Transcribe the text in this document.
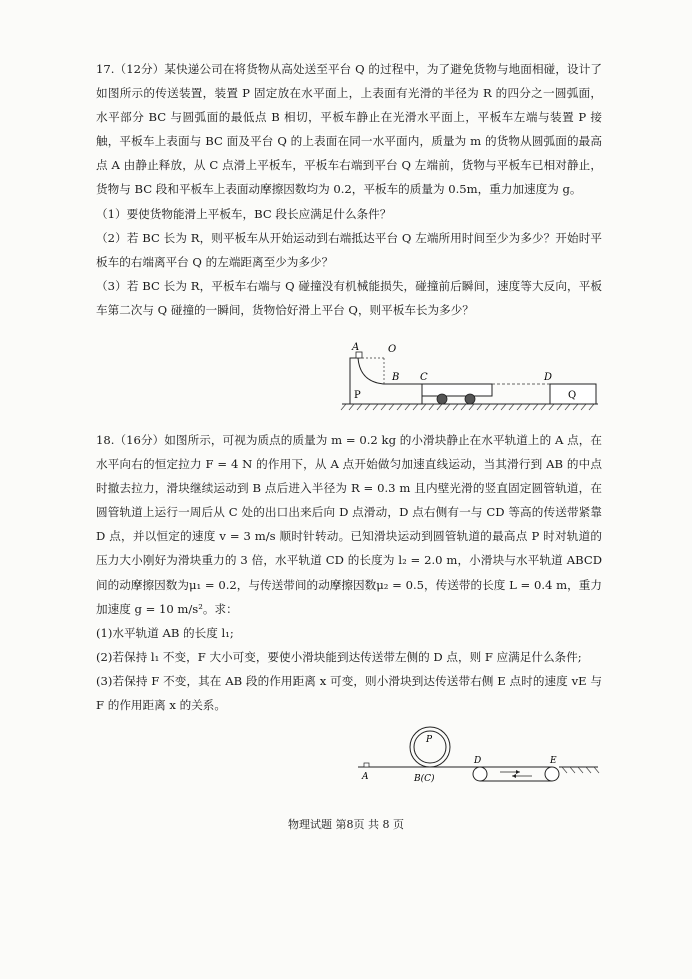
17.（12分）某快递公司在将货物从高处送至平台 Q 的过程中，为了避免货物与地面相碰，设计了如图所示的传送装置，装置 P 固定放在水平面上，上表面有光滑的半径为 R 的四分之一圆弧面，水平部分 BC 与圆弧面的最低点 B 相切，平板车静止在光滑水平面上，平板车左端与装置 P 接触，平板车上表面与 BC 面及平台 Q 的上表面在同一水平面内，质量为 m 的货物从圆弧面的最高点 A 由静止释放，从 C 点滑上平板车，平板车右端到平台 Q 左端前，货物与平板车已相对静止，货物与 BC 段和平板车上表面动摩擦因数均为 0.2，平板车的质量为 0.5m，重力加速度为 g。

（1）要使货物能滑上平板车，BC 段长应满足什么条件？

（2）若 BC 长为 R，则平板车从开始运动到右端抵达平台 Q 左端所用时间至少为多少？开始时平板车的右端离平台 Q 的左端距离至少为多少？

（3）若 BC 长为 R，平板车右端与 Q 碰撞没有机械能损失，碰撞前后瞬间，速度等大反向，平板车第二次与 Q 碰撞的一瞬间，货物恰好滑上平台 Q，则平板车长为多少？

A	O
B C	D
P	Q

18.（16分）如图所示，可视为质点的质量为 m = 0.2 kg 的小滑块静止在水平轨道上的 A 点，在水平向右的恒定拉力 F = 4 N 的作用下，从 A 点开始做匀加速直线运动，当其滑行到 AB 的中点时撤去拉力，滑块继续运动到 B 点后进入半径为 R = 0.3 m 且内壁光滑的竖直固定圆管轨道，在圆管轨道上运行一周后从 C 处的出口出来后向 D 点滑动，D 点右侧有一与 CD 等高的传送带紧靠 D 点，并以恒定的速度 v = 3 m/s 顺时针转动。已知滑块运动到圆管轨道的最高点 P 时对轨道的压力大小刚好为滑块重力的 3 倍，水平轨道 CD 的长度为 l₂ = 2.0 m，小滑块与水平轨道 ABCD 间的动摩擦因数为μ₁ = 0.2，与传送带间的动摩擦因数μ₂ = 0.5，传送带的长度 L = 0.4 m，重力加速度 g = 10 m/s²。求：

(1)水平轨道 AB 的长度 l₁;

(2)若保持 l₁ 不变，F 大小可变，要使小滑块能到达传送带左侧的 D 点，则 F 应满足什么条件;

(3)若保持 F 不变，其在 AB 段的作用距离 x 可变，则小滑块到达传送带右侧 E 点时的速度 vE 与 F 的作用距离 x 的关系。

P
A	B(C)
D	E
物理试题 第8页 共 8 页
